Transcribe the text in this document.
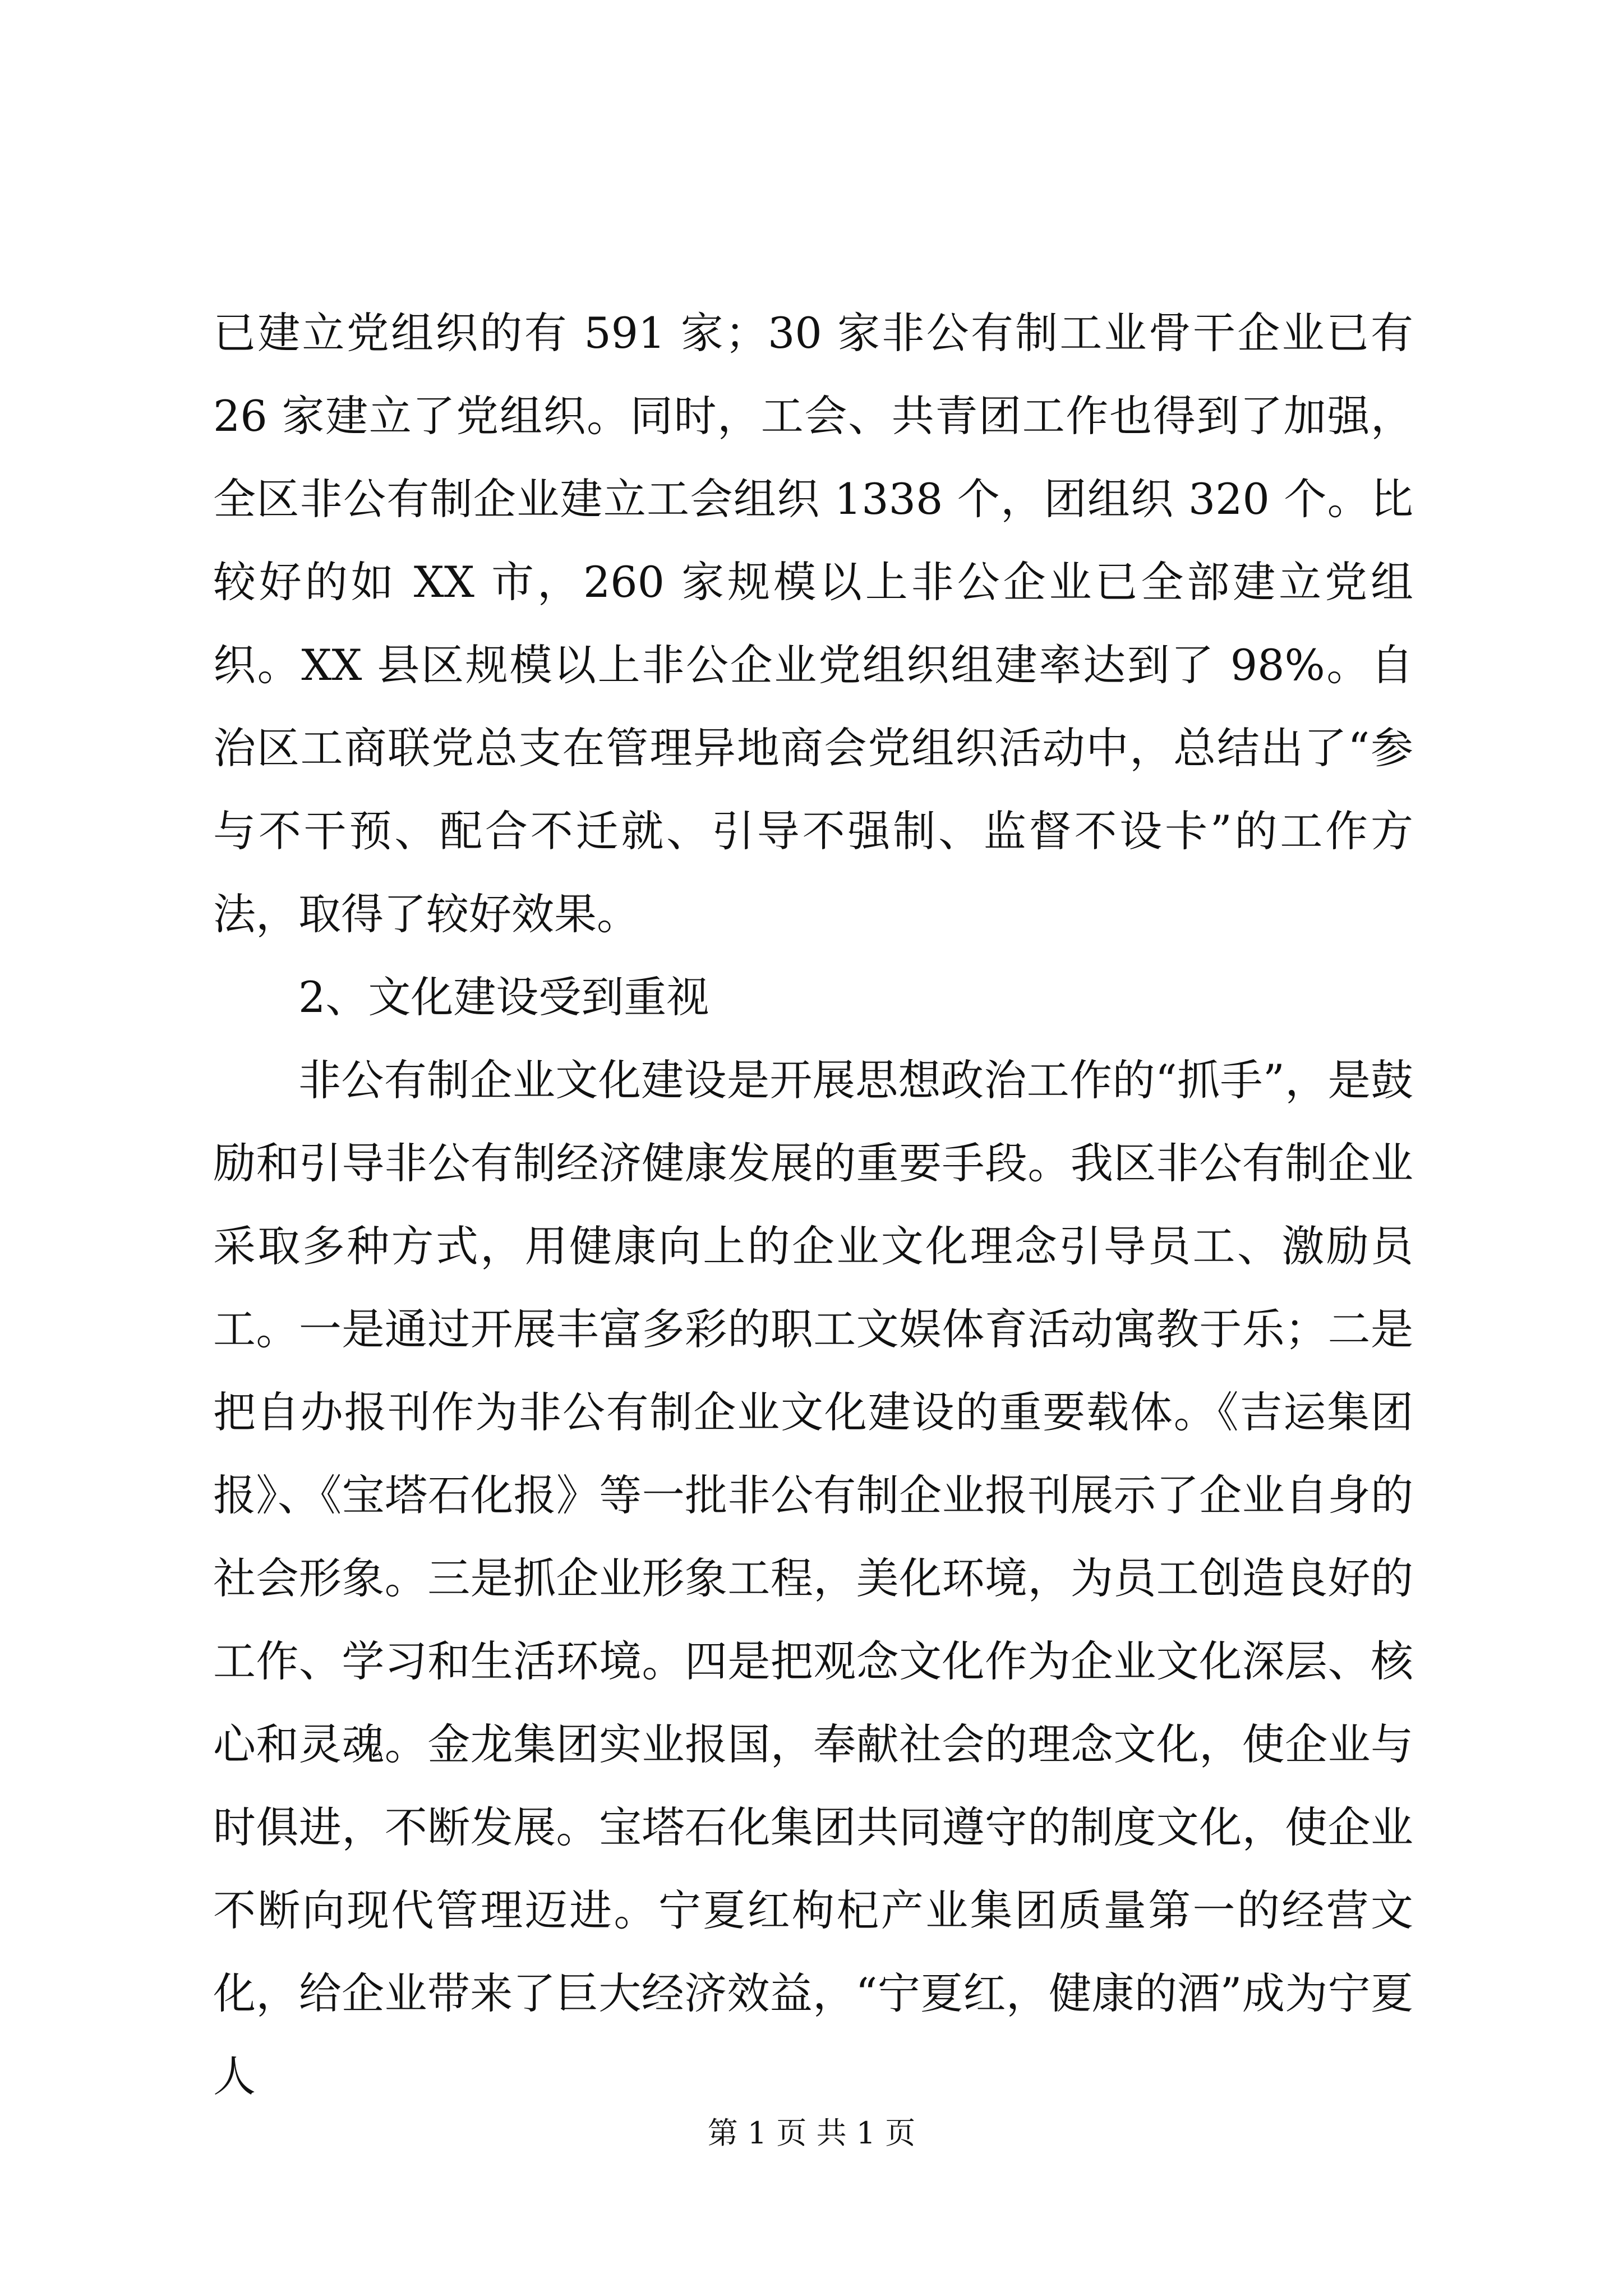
已建立党组织的有 591 家；30 家非公有制工业骨干企业已有 26 家建立了党组织。同时，工会、共青团工作也得到了加强，全区非公有制企业建立工会组织 1338 个，团组织 320 个。比较好的如 XX 市，260 家规模以上非公企业已全部建立党组织。XX 县区规模以上非公企业党组织组建率达到了 98%。自治区工商联党总支在管理异地商会党组织活动中，总结出了“参与不干预、配合不迁就、引导不强制、监督不设卡”的工作方法，取得了较好效果。

2、文化建设受到重视

非公有制企业文化建设是开展思想政治工作的“抓手”，是鼓励和引导非公有制经济健康发展的重要手段。我区非公有制企业采取多种方式，用健康向上的企业文化理念引导员工、激励员工。一是通过开展丰富多彩的职工文娱体育活动寓教于乐；二是把自办报刊作为非公有制企业文化建设的重要载体。《吉运集团报》、《宝塔石化报》等一批非公有制企业报刊展示了企业自身的社会形象。三是抓企业形象工程，美化环境，为员工创造良好的工作、学习和生活环境。四是把观念文化作为企业文化深层、核心和灵魂。金龙集团实业报国，奉献社会的理念文化，使企业与时俱进，不断发展。宝塔石化集团共同遵守的制度文化，使企业不断向现代管理迈进。宁夏红枸杞产业集团质量第一的经营文化，给企业带来了巨大经济效益，“宁夏红，健康的酒”成为宁夏人

第 1 页 共 1 页
